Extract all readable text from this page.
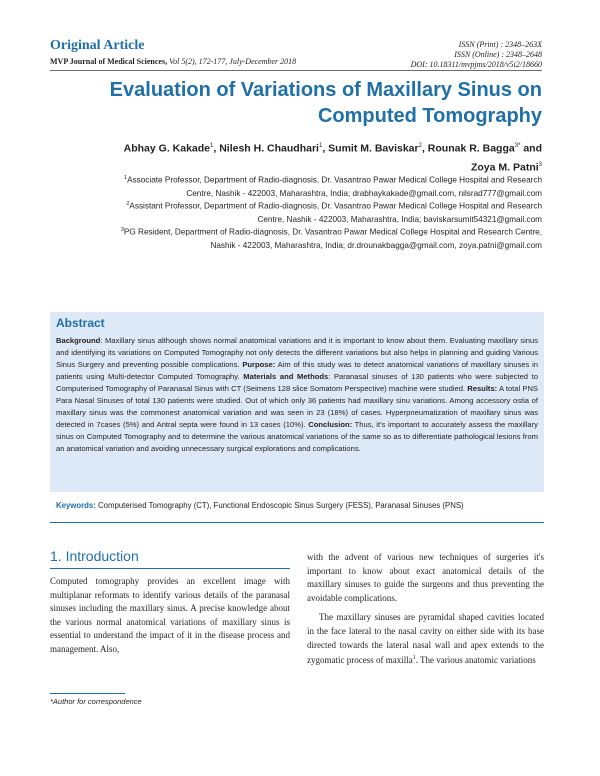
Original Article
MVP Journal of Medical Sciences, Vol 5(2), 172-177, July-December 2018
ISSN (Print) : 2348–263X
ISSN (Online) : 2348–2648
DOI: 10.18311/mvpjms/2018/v5i2/18660
Evaluation of Variations of Maxillary Sinus on
Computed Tomography
Abhay G. Kakade$^1$, Nilesh H. Chaudhari$^1$, Sumit M. Baviskar$^2$, Rounak R. Bagga$^{3*}$ and
Zoya M. Patni$^3$
$^1$Associate Professor, Department of Radio-diagnosis, Dr. Vasantrao Pawar Medical College Hospital and Research
Centre, Nashik - 422003, Maharashtra, India; drabhaykakade@gmail.com, nilsrad777@gmail.com
$^2$Assistant Professor, Department of Radio-diagnosis, Dr. Vasantrao Pawar Medical College Hospital and Research
Centre, Nashik - 422003, Maharashtra, India; baviskarsumit54321@gmail.com
$^3$PG Resident, Department of Radio-diagnosis, Dr. Vasantrao Pawar Medical College Hospital and Research Centre,
Nashik - 422003, Maharashtra, India; dr.drounakbagga@gmail.com, zoya.patni@gmail.com
Abstract
Background: Maxillary sinus although shows normal anatomical variations and it is important to know about them. Evaluating maxillary sinus and identifying its variations on Computed Tomography not only detects the different variations but also helps in planning and guiding Various Sinus Surgery and preventing possible complications. Purpose: Aim of this study was to detect anatomical variations of maxillary sinuses in patients using Multi-detector Computed Tomography. Materials and Methods: Paranasal sinuses of 130 patients who were subjected to Computerised Tomography of Paranasal Sinus with CT (Seimens 128 slice Somatom Perspective) machine were studied. Results: A total PNS Para Nasal Sinuses of total 130 patients were studied. Out of which only 36 patients had maxillary sinu variations. Among accessory ostia of maxillary sinus was the commonest anatomical variation and was seen in 23 (18%) of cases. Hyperpneumatization of maxillary sinus was detected in 7cases (5%) and Antral septa were found in 13 cases (10%). Conclusion: Thus, it's important to accurately assess the maxillary sinus on Computed Tomography and to determine the various anatomical variations of the same so as to differentiate pathological lesions from an anatomical variation and avoiding unnecessary surgical explorations and complications.
Keywords: Computerised Tomography (CT), Functional Endoscopic Sinus Surgery (FESS), Paranasal Sinuses (PNS)
1. Introduction

Computed tomography provides an excellent image with multiplanar reformats to identify various details of the paranasal sinuses including the maxillary sinus. A precise knowledge about the various normal anatomical variations of maxillary sinus is essential to understand the impact of it in the disease process and management. Also,

with the advent of various new techniques of surgeries it's important to know about exact anatomical details of the maxillary sinuses to guide the surgeons and thus preventing the avoidable complications.

The maxillary sinuses are pyramidal shaped cavities located in the face lateral to the nasal cavity on either side with its base directed towards the lateral nasal wall and apex extends to the zygomatic process of maxilla$^1$. The various anatomic variations

*Author for correspondence
